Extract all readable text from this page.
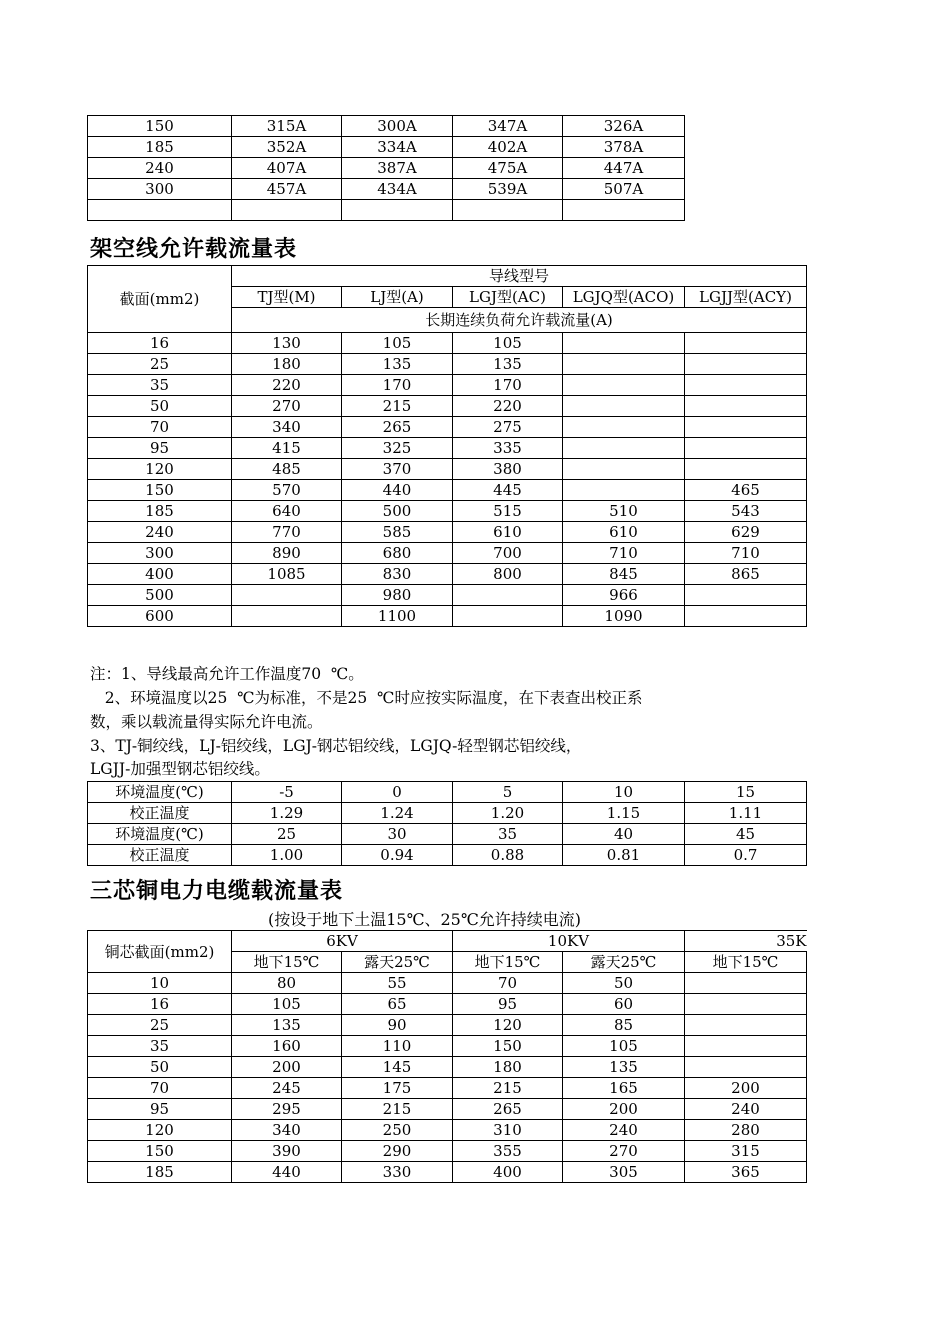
150	315A	300A	347A	326A
185	352A	334A	402A	378A
240	407A	387A	475A	447A
300	457A	434A	539A	507A

架空线允许载流量表
截面(mm2)	导线型号				
	TJ型(M)	LJ型(A)	LGJ型(AC)	LGJQ型(ACO)	LGJJ型(ACY)
	长期连续负荷允许载流量(A)				
16	130	105	105		
25	180	135	135		
35	220	170	170		
50	270	215	220		
70	340	265	275		
95	415	325	335		
120	485	370	380		
150	570	440	445		465
185	640	500	515	510	543
240	770	585	610	610	629
300	890	680	700	710	710
400	1085	830	800	845	865
500		980		966	
600		1100		1090	
注：1、导线最高允许工作温度70  ℃。
2、环境温度以25  ℃为标准，不是25  ℃时应按实际温度，在下表查出校正系
数，乘以载流量得实际允许电流。
3、TJ-铜绞线，LJ-铝绞线，LGJ-钢芯铝绞线，LGJQ-轻型钢芯铝绞线，
LGJJ-加强型钢芯铝绞线。
环境温度(℃)	-5	0	5	10	15
校正温度	1.29	1.24	1.20	1.15	1.11
环境温度(℃)	25	30	35	40	45
校正温度	1.00	0.94	0.88	0.81	0.7
三芯铜电力电缆载流量表
(按设于地下土温15℃、25℃允许持续电流)
铜芯截面(mm2)	6KV		10KV		35K
	地下15℃	露天25℃	地下15℃	露天25℃	地下15℃
10	80	55	70	50	
16	105	65	95	60	
25	135	90	120	85	
35	160	110	150	105	
50	200	145	180	135	
70	245	175	215	165	200
95	295	215	265	200	240
120	340	250	310	240	280
150	390	290	355	270	315
185	440	330	400	305	365
